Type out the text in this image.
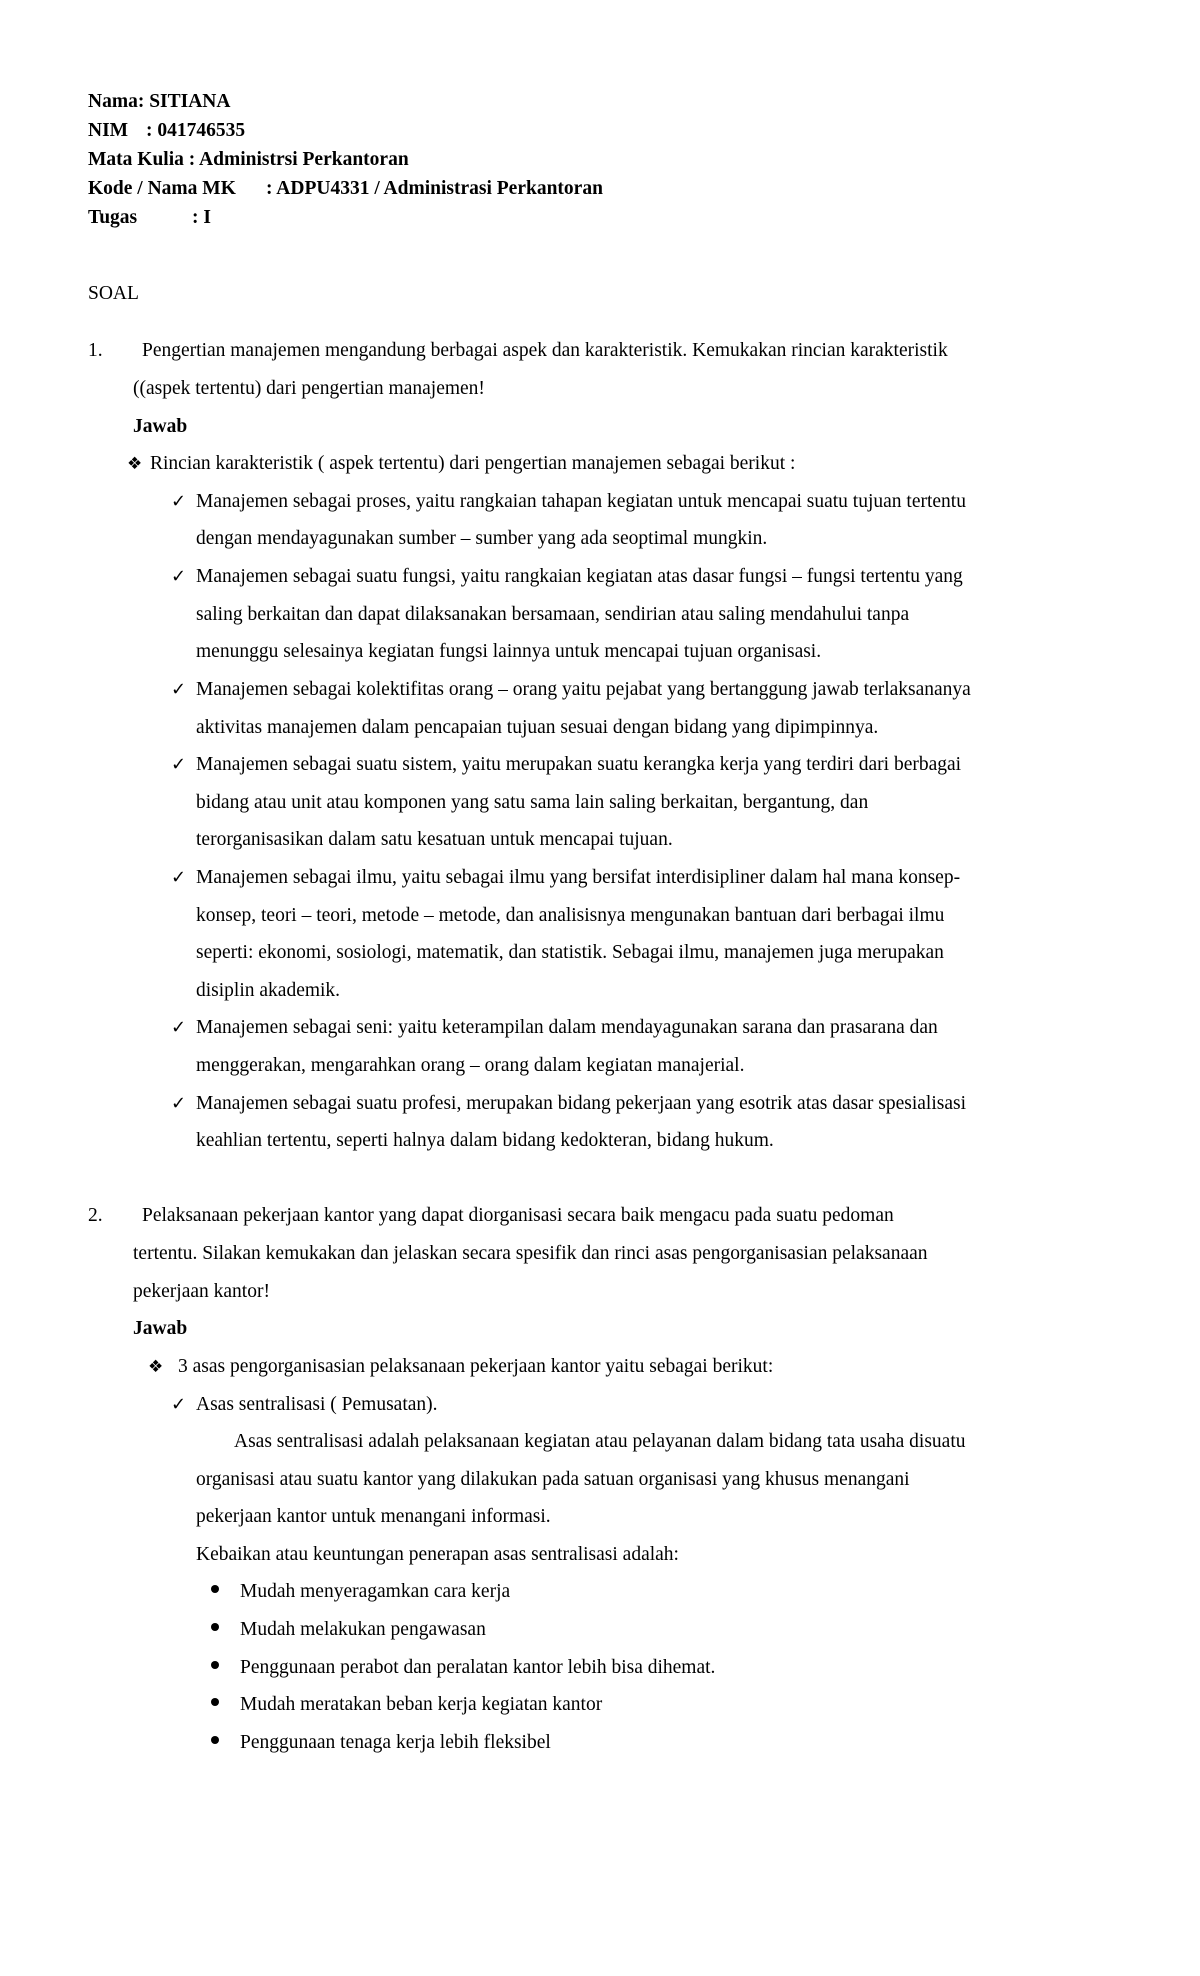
Nama: SITIANA
NIM : 041746535
Mata Kulia : Administrsi Perkantoran
Kode / Nama MK : ADPU4331 / Administrasi Perkantoran
Tugas	: I
SOAL
1. Pengertian manajemen mengandung berbagai aspek dan karakteristik. Kemukakan rincian karakteristik
((aspek tertentu) dari pengertian manajemen!
Jawab
❖ Rincian karakteristik ( aspek tertentu) dari pengertian manajemen sebagai berikut :
✓ Manajemen sebagai proses, yaitu rangkaian tahapan kegiatan untuk mencapai suatu tujuan tertentu
dengan mendayagunakan sumber – sumber yang ada seoptimal mungkin.
✓ Manajemen sebagai suatu fungsi, yaitu rangkaian kegiatan atas dasar fungsi – fungsi tertentu yang
saling berkaitan dan dapat dilaksanakan bersamaan, sendirian atau saling mendahului tanpa
menunggu selesainya kegiatan fungsi lainnya untuk mencapai tujuan organisasi.
✓ Manajemen sebagai kolektifitas orang – orang yaitu pejabat yang bertanggung jawab terlaksananya
aktivitas manajemen dalam pencapaian tujuan sesuai dengan bidang yang dipimpinnya.
✓ Manajemen sebagai suatu sistem, yaitu merupakan suatu kerangka kerja yang terdiri dari berbagai
bidang atau unit atau komponen yang satu sama lain saling berkaitan, bergantung, dan
terorganisasikan dalam satu kesatuan untuk mencapai tujuan.
✓ Manajemen sebagai ilmu, yaitu sebagai ilmu yang bersifat interdisipliner dalam hal mana konsep-
konsep, teori – teori, metode – metode, dan analisisnya mengunakan bantuan dari berbagai ilmu
seperti: ekonomi, sosiologi, matematik, dan statistik. Sebagai ilmu, manajemen juga merupakan
disiplin akademik.
✓ Manajemen sebagai seni: yaitu keterampilan dalam mendayagunakan sarana dan prasarana dan
menggerakan, mengarahkan orang – orang dalam kegiatan manajerial.
✓ Manajemen sebagai suatu profesi, merupakan bidang pekerjaan yang esotrik atas dasar spesialisasi
keahlian tertentu, seperti halnya dalam bidang kedokteran, bidang hukum.
2. Pelaksanaan pekerjaan kantor yang dapat diorganisasi secara baik mengacu pada suatu pedoman
tertentu. Silakan kemukakan dan jelaskan secara spesifik dan rinci asas pengorganisasian pelaksanaan
pekerjaan kantor!
Jawab
❖ 3 asas pengorganisasian pelaksanaan pekerjaan kantor yaitu sebagai berikut:
✓ Asas sentralisasi ( Pemusatan).
Asas sentralisasi adalah pelaksanaan kegiatan atau pelayanan dalam bidang tata usaha disuatu
organisasi atau suatu kantor yang dilakukan pada satuan organisasi yang khusus menangani
pekerjaan kantor untuk menangani informasi.
Kebaikan atau keuntungan penerapan asas sentralisasi adalah:
Mudah menyeragamkan cara kerja
Mudah melakukan pengawasan
Penggunaan perabot dan peralatan kantor lebih bisa dihemat.
Mudah meratakan beban kerja kegiatan kantor
Penggunaan tenaga kerja lebih fleksibel
